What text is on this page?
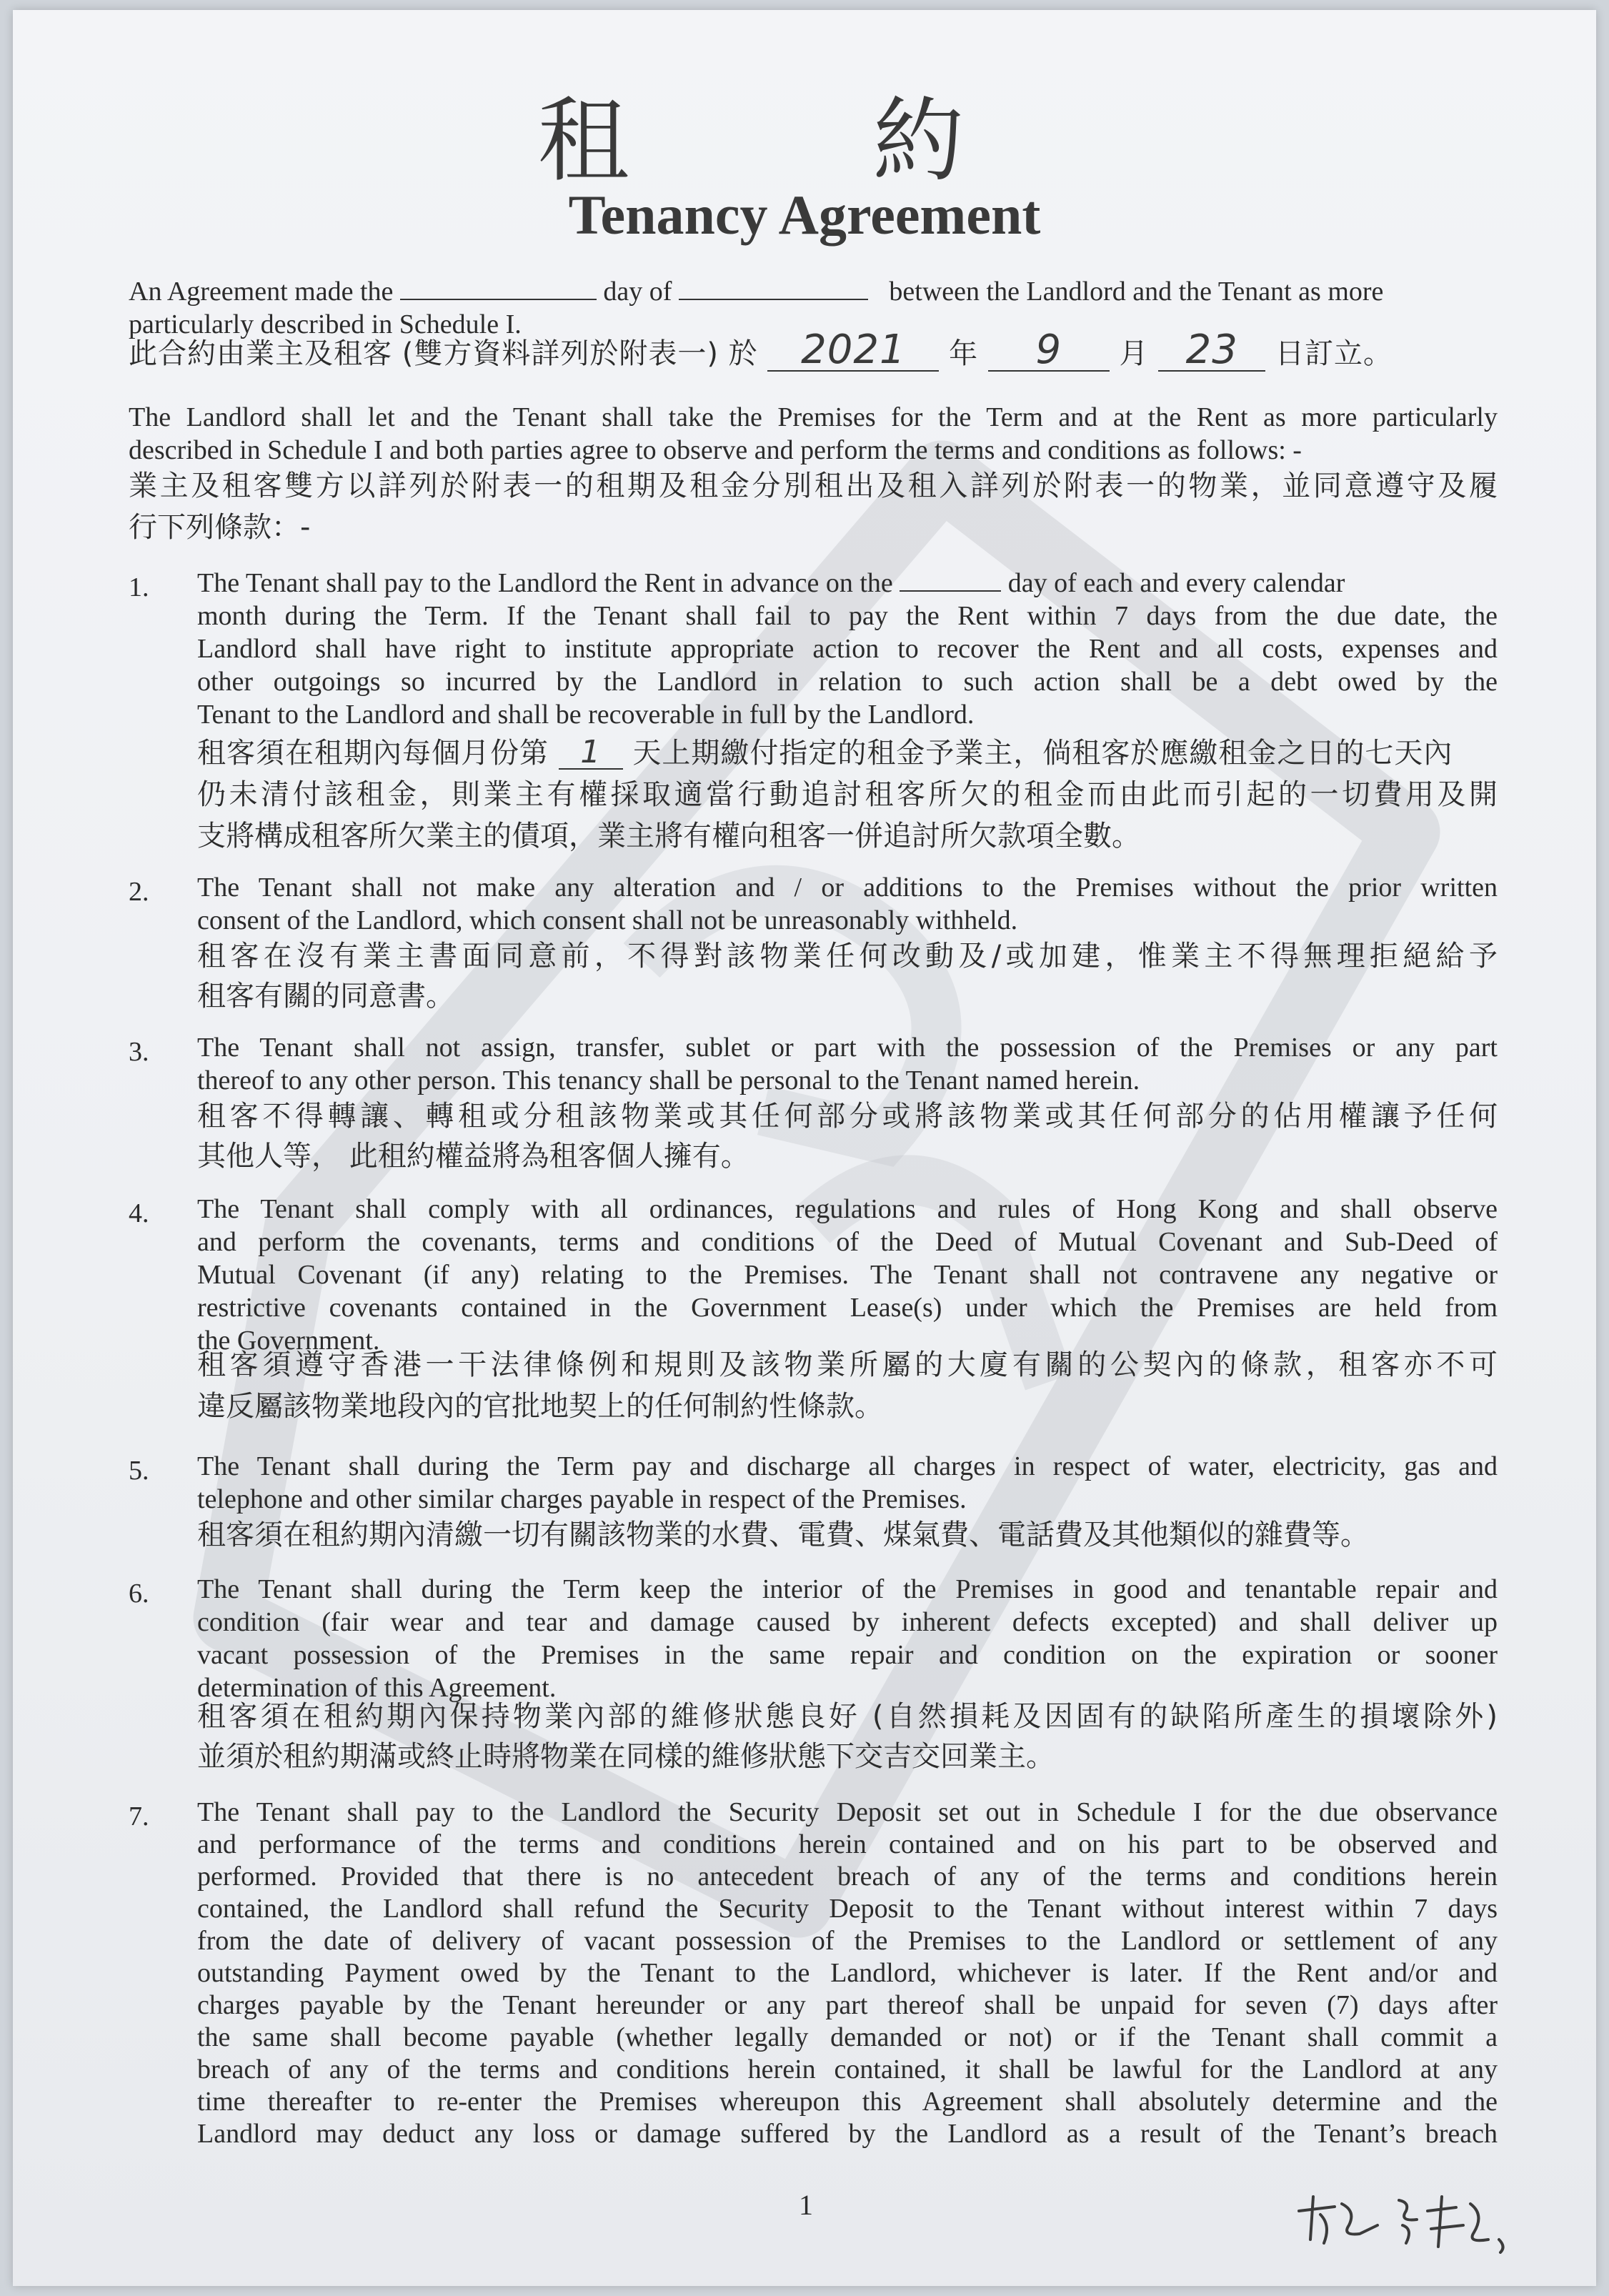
租 約
Tenancy Agreement
An Agreement made the	day of	between the Landlord and the Tenant as more
particularly described in Schedule I.
此合約由業主及租客 (雙方資料詳列於附表一) 於 2021 年 9 月 23 日訂立。
The Landlord shall let and the Tenant shall take the Premises for the Term and at the Rent as more particularly
described in Schedule I and both parties agree to observe and perform the terms and conditions as follows: -
業主及租客雙方以詳列於附表一的租期及租金分別租出及租入詳列於附表一的物業，並同意遵守及履
行下列條款：-
1. The Tenant shall pay to the Landlord the Rent in advance on the	day of each and every calendar
month during the Term. If the Tenant shall fail to pay the Rent within 7 days from the due date, the
Landlord shall have right to institute appropriate action to recover the Rent and all costs, expenses and
other outgoings so incurred by the Landlord in relation to such action shall be a debt owed by the
Tenant to the Landlord and shall be recoverable in full by the Landlord.
租客須在租期內每個月份第 1 天上期繳付指定的租金予業主，倘租客於應繳租金之日的七天內
仍未清付該租金，則業主有權採取適當行動追討租客所欠的租金而由此而引起的一切費用及開
支將構成租客所欠業主的債項，業主將有權向租客一併追討所欠款項全數。
2. The Tenant shall not make any alteration and / or additions to the Premises without the prior written
consent of the Landlord, which consent shall not be unreasonably withheld.
租客在沒有業主書面同意前，不得對該物業任何改動及/或加建，惟業主不得無理拒絕給予
租客有關的同意書。
3. The Tenant shall not assign, transfer, sublet or part with the possession of the Premises or any part
thereof to any other person. This tenancy shall be personal to the Tenant named herein.
租客不得轉讓、轉租或分租該物業或其任何部分或將該物業或其任何部分的佔用權讓予任何
其他人等， 此租約權益將為租客個人擁有。
4. The Tenant shall comply with all ordinances, regulations and rules of Hong Kong and shall observe
and perform the covenants, terms and conditions of the Deed of Mutual Covenant and Sub-Deed of
Mutual Covenant (if any) relating to the Premises. The Tenant shall not contravene any negative or
restrictive covenants contained in the Government Lease(s) under which the Premises are held from
the Government.
租客須遵守香港一干法律條例和規則及該物業所屬的大廈有關的公契內的條款，租客亦不可
違反屬該物業地段內的官批地契上的任何制約性條款。
5. The Tenant shall during the Term pay and discharge all charges in respect of water, electricity, gas and
telephone and other similar charges payable in respect of the Premises.
租客須在租約期內清繳一切有關該物業的水費、電費、煤氣費、電話費及其他類似的雜費等。
6. The Tenant shall during the Term keep the interior of the Premises in good and tenantable repair and
condition (fair wear and tear and damage caused by inherent defects excepted) and shall deliver up
vacant possession of the Premises in the same repair and condition on the expiration or sooner
determination of this Agreement.
租客須在租約期內保持物業內部的維修狀態良好 (自然損耗及因固有的缺陷所產生的損壞除外)
並須於租約期滿或終止時將物業在同樣的維修狀態下交吉交回業主。
7. The Tenant shall pay to the Landlord the Security Deposit set out in Schedule I for the due observance
and performance of the terms and conditions herein contained and on his part to be observed and
performed. Provided that there is no antecedent breach of any of the terms and conditions herein
contained, the Landlord shall refund the Security Deposit to the Tenant without interest within 7 days
from the date of delivery of vacant possession of the Premises to the Landlord or settlement of any
outstanding Payment owed by the Tenant to the Landlord, whichever is later. If the Rent and/or and
charges payable by the Tenant hereunder or any part thereof shall be unpaid for seven (7) days after
the same shall become payable (whether legally demanded or not) or if the Tenant shall commit a
breach of any of the terms and conditions herein contained, it shall be lawful for the Landlord at any
time thereafter to re-enter the Premises whereupon this Agreement shall absolutely determine and the
Landlord may deduct any loss or damage suffered by the Landlord as a result of the Tenant’s breach
1
